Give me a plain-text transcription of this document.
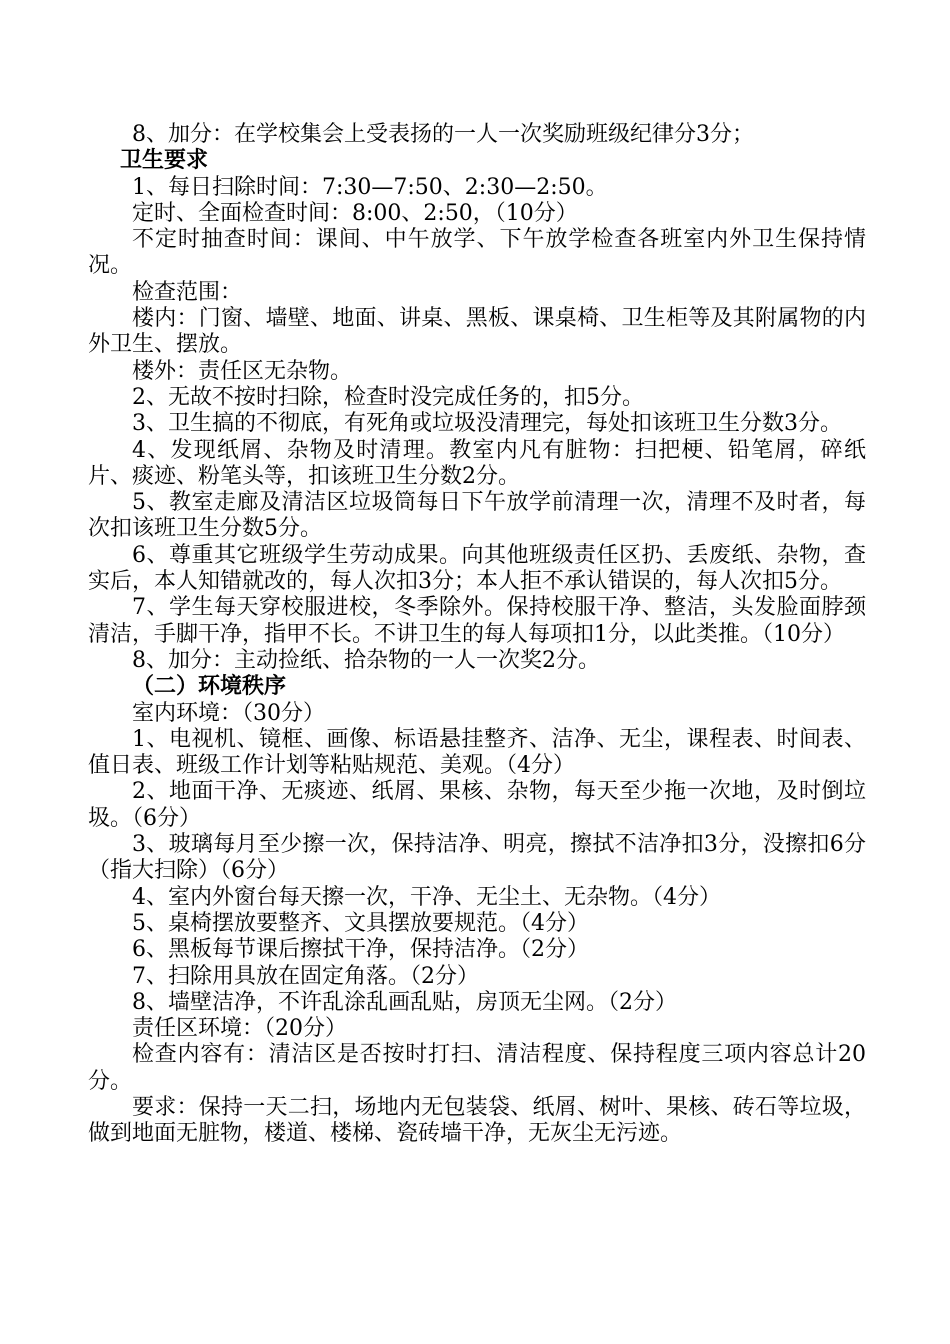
8、加分：在学校集会上受表扬的一人一次奖励班级纪律分3分；

卫生要求

1、每日扫除时间：7:30—7:50、2:30—2:50。

定时、全面检查时间：8:00、2:50，（10分）

不定时抽查时间：课间、中午放学、下午放学检查各班室内外卫生保持情况。

检查范围：

楼内：门窗、墙壁、地面、讲桌、黑板、课桌椅、卫生柜等及其附属物的内外卫生、摆放。

楼外：责任区无杂物。

2、无故不按时扫除，检查时没完成任务的，扣5分。

3、卫生搞的不彻底，有死角或垃圾没清理完，每处扣该班卫生分数3分。

4、发现纸屑、杂物及时清理。教室内凡有脏物：扫把梗、铅笔屑，碎纸片、痰迹、粉笔头等，扣该班卫生分数2分。

5、教室走廊及清洁区垃圾筒每日下午放学前清理一次，清理不及时者，每次扣该班卫生分数5分。

6、尊重其它班级学生劳动成果。向其他班级责任区扔、丢废纸、杂物，查实后，本人知错就改的，每人次扣3分；本人拒不承认错误的，每人次扣5分。

7、学生每天穿校服进校，冬季除外。保持校服干净、整洁，头发脸面脖颈清洁，手脚干净，指甲不长。不讲卫生的每人每项扣1分，以此类推。（10分）

8、加分：主动捡纸、拾杂物的一人一次奖2分。

（二）环境秩序

室内环境：（30分）

1、电视机、镜框、画像、标语悬挂整齐、洁净、无尘，课程表、时间表、值日表、班级工作计划等粘贴规范、美观。（4分）

2、地面干净、无痰迹、纸屑、果核、杂物，每天至少拖一次地，及时倒垃圾。（6分）

3、玻璃每月至少擦一次，保持洁净、明亮，擦拭不洁净扣3分，没擦扣6分（指大扫除）（6分）

4、室内外窗台每天擦一次，干净、无尘土、无杂物。（4分）

5、桌椅摆放要整齐、文具摆放要规范。（4分）

6、黑板每节课后擦拭干净，保持洁净。（2分）

7、扫除用具放在固定角落。（2分）

8、墙壁洁净，不许乱涂乱画乱贴，房顶无尘网。（2分）

责任区环境：（20分）

检查内容有：清洁区是否按时打扫、清洁程度、保持程度三项内容总计20分。

要求：保持一天二扫，场地内无包装袋、纸屑、树叶、果核、砖石等垃圾，做到地面无脏物，楼道、楼梯、瓷砖墙干净，无灰尘无污迹。
